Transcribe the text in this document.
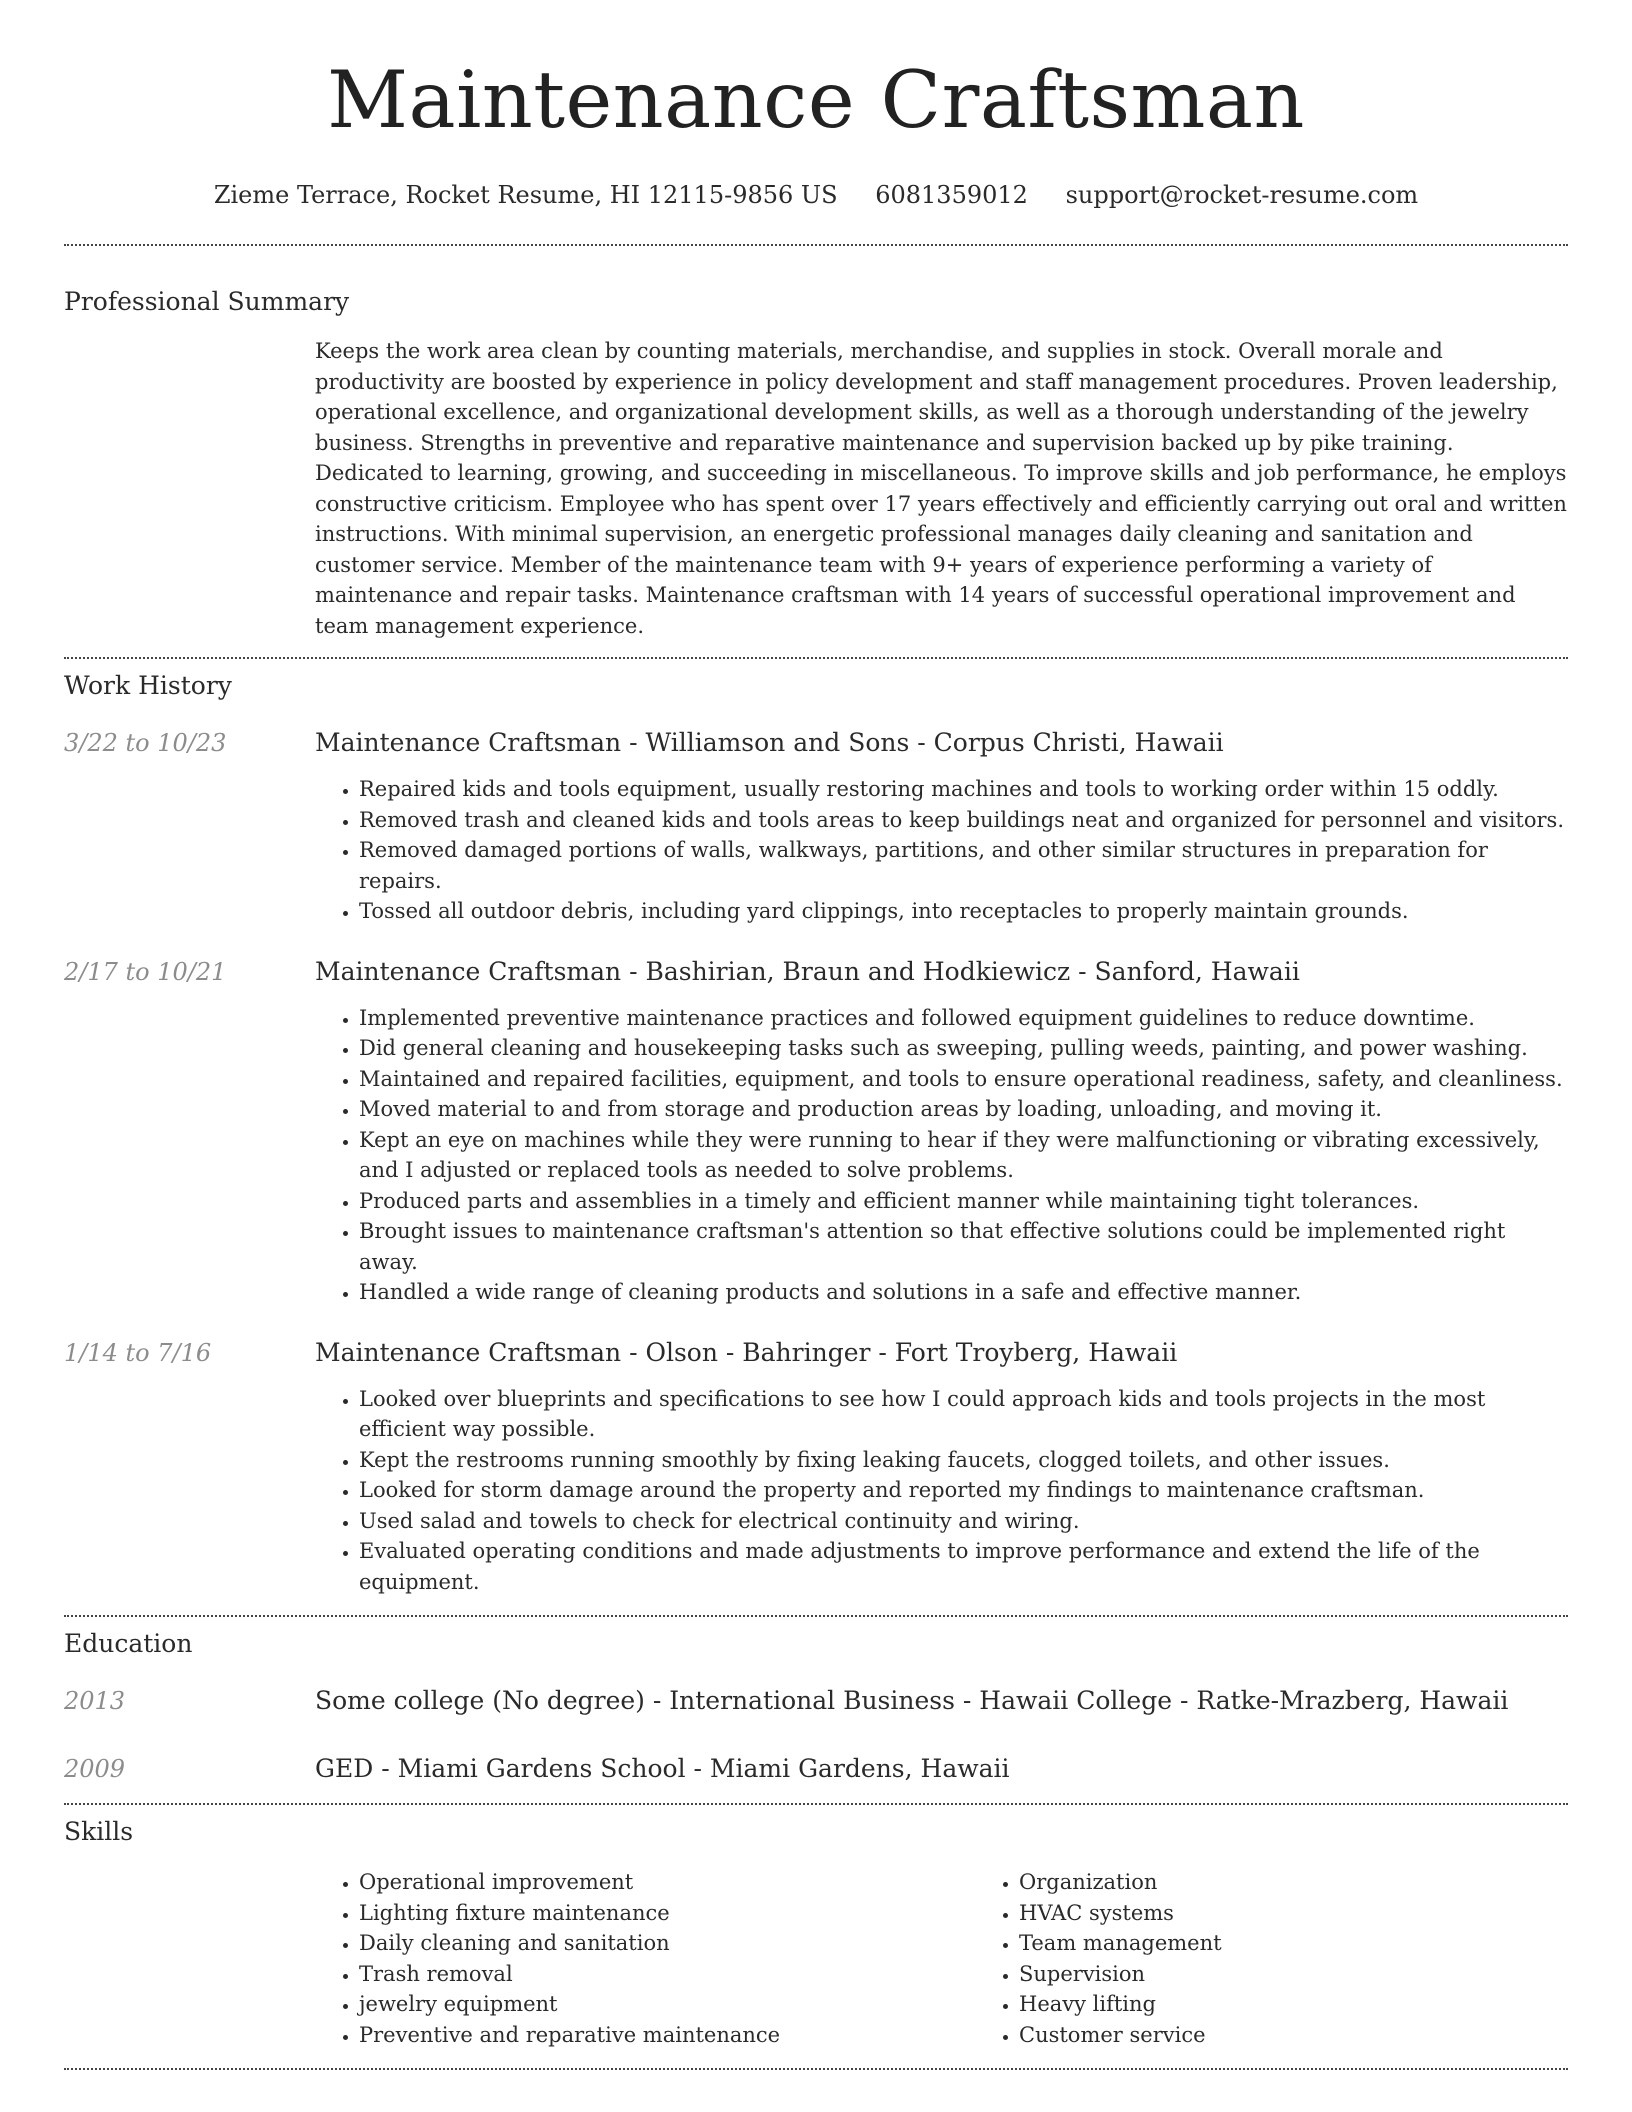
Maintenance Craftsman
Zieme Terrace, Rocket Resume, HI 12115-9856 US 6081359012 support@rocket-resume.com
Professional Summary

Keeps the work area clean by counting materials, merchandise, and supplies in stock. Overall morale and productivity are boosted by experience in policy development and staff management procedures. Proven leadership, operational excellence, and organizational development skills, as well as a thorough understanding of the jewelry business. Strengths in preventive and reparative maintenance and supervision backed up by pike training. Dedicated to learning, growing, and succeeding in miscellaneous. To improve skills and job performance, he employs constructive criticism. Employee who has spent over 17 years effectively and efficiently carrying out oral and written instructions. With minimal supervision, an energetic professional manages daily cleaning and sanitation and customer service. Member of the maintenance team with 9+ years of experience performing a variety of maintenance and repair tasks. Maintenance craftsman with 14 years of successful operational improvement and team management experience.

Work History
3/22 to 10/23	Maintenance Craftsman - Williamson and Sons - Corpus Christi, Hawaii
• Repaired kids and tools equipment, usually restoring machines and tools to working order within 15 oddly.
• Removed trash and cleaned kids and tools areas to keep buildings neat and organized for personnel and visitors.
• Removed damaged portions of walls, walkways, partitions, and other similar structures in preparation for repairs.
• Tossed all outdoor debris, including yard clippings, into receptacles to properly maintain grounds.
2/17 to 10/21	Maintenance Craftsman - Bashirian, Braun and Hodkiewicz - Sanford, Hawaii
• Implemented preventive maintenance practices and followed equipment guidelines to reduce downtime.
• Did general cleaning and housekeeping tasks such as sweeping, pulling weeds, painting, and power washing.
• Maintained and repaired facilities, equipment, and tools to ensure operational readiness, safety, and cleanliness.
• Moved material to and from storage and production areas by loading, unloading, and moving it.
• Kept an eye on machines while they were running to hear if they were malfunctioning or vibrating excessively, and I adjusted or replaced tools as needed to solve problems.
• Produced parts and assemblies in a timely and efficient manner while maintaining tight tolerances.
• Brought issues to maintenance craftsman's attention so that effective solutions could be implemented right away.
• Handled a wide range of cleaning products and solutions in a safe and effective manner.
1/14 to 7/16	Maintenance Craftsman - Olson - Bahringer - Fort Troyberg, Hawaii
• Looked over blueprints and specifications to see how I could approach kids and tools projects in the most efficient way possible.
• Kept the restrooms running smoothly by fixing leaking faucets, clogged toilets, and other issues.
• Looked for storm damage around the property and reported my findings to maintenance craftsman.
• Used salad and towels to check for electrical continuity and wiring.
• Evaluated operating conditions and made adjustments to improve performance and extend the life of the equipment.
Education
2013	Some college (No degree) - International Business - Hawaii College - Ratke-Mrazberg, Hawaii
2009	GED - Miami Gardens School - Miami Gardens, Hawaii
Skills
• Operational improvement
• Lighting fixture maintenance
• Daily cleaning and sanitation
• Trash removal
• jewelry equipment
• Preventive and reparative maintenance
• Organization
• HVAC systems
• Team management
• Supervision
• Heavy lifting
• Customer service
